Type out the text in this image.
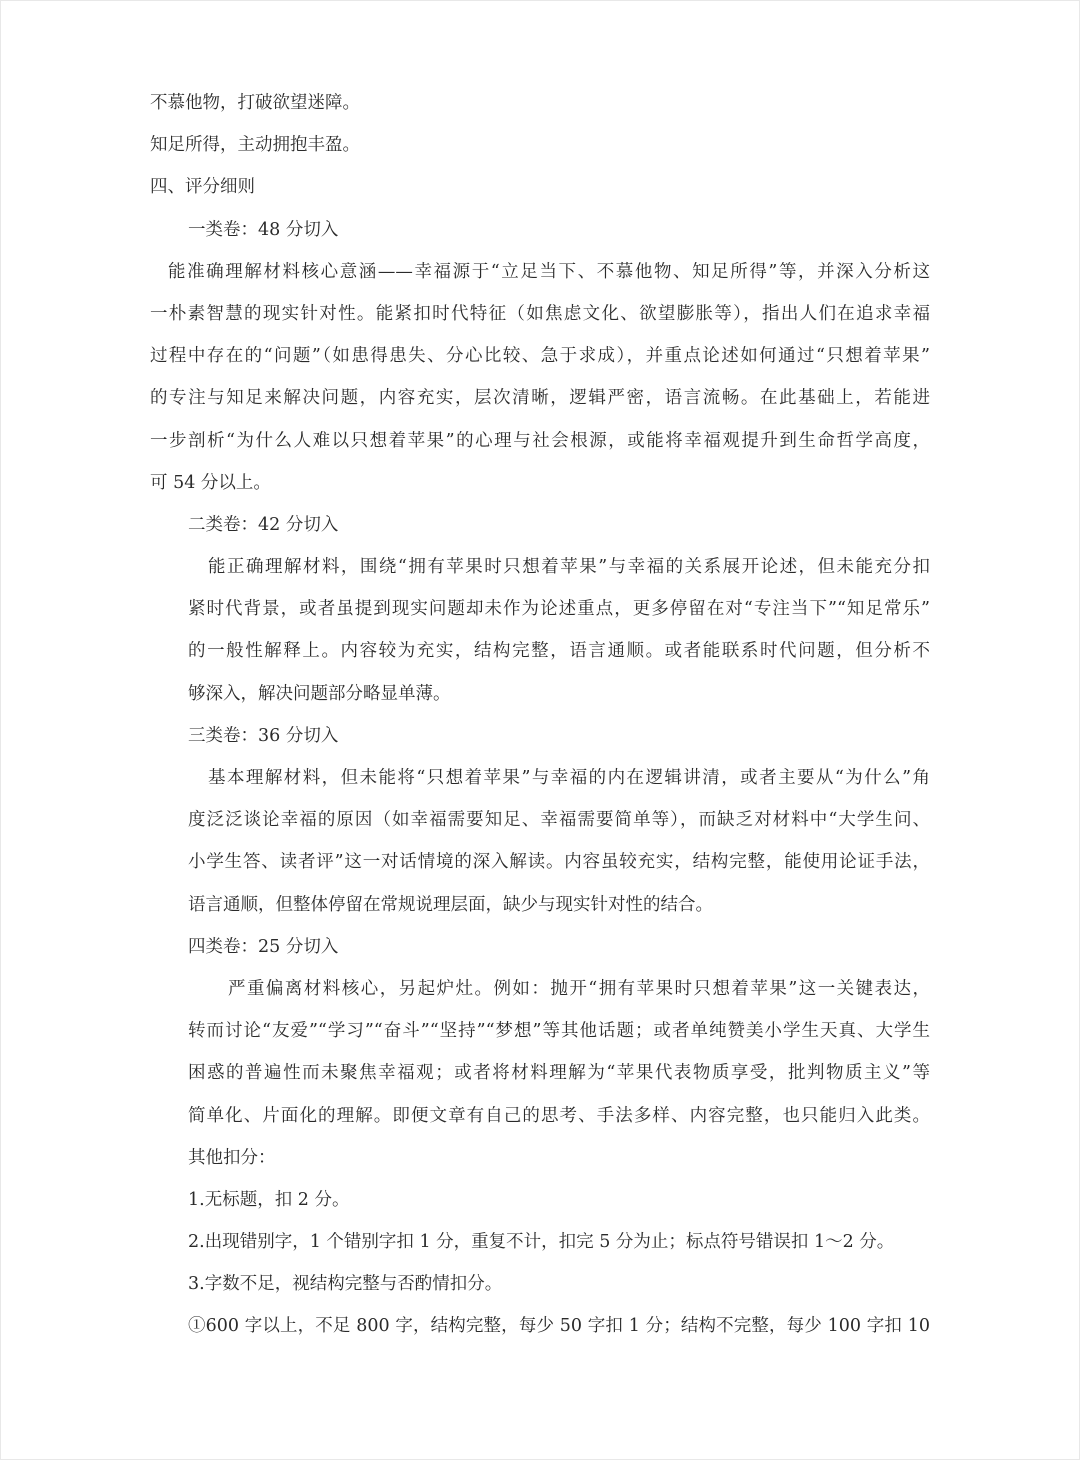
不慕他物，打破欲望迷障。
知足所得，主动拥抱丰盈。
四、评分细则
一类卷：48 分切入
能准确理解材料核心意涵——幸福源于“立足当下、不慕他物、知足所得”等，并深入分析这
一朴素智慧的现实针对性。能紧扣时代特征（如焦虑文化、欲望膨胀等），指出人们在追求幸福
过程中存在的“问题”（如患得患失、分心比较、急于求成），并重点论述如何通过“只想着苹果”
的专注与知足来解决问题，内容充实，层次清晰，逻辑严密，语言流畅。在此基础上，若能进
一步剖析“为什么人难以只想着苹果”的心理与社会根源，或能将幸福观提升到生命哲学高度，
可 54 分以上。
二类卷：42 分切入
能正确理解材料，围绕“拥有苹果时只想着苹果”与幸福的关系展开论述，但未能充分扣
紧时代背景，或者虽提到现实问题却未作为论述重点，更多停留在对“专注当下”“知足常乐”
的一般性解释上。内容较为充实，结构完整，语言通顺。或者能联系时代问题，但分析不
够深入，解决问题部分略显单薄。
三类卷：36 分切入
基本理解材料，但未能将“只想着苹果”与幸福的内在逻辑讲清，或者主要从“为什么”角
度泛泛谈论幸福的原因（如幸福需要知足、幸福需要简单等），而缺乏对材料中“大学生问、
小学生答、读者评”这一对话情境的深入解读。内容虽较充实，结构完整，能使用论证手法，
语言通顺，但整体停留在常规说理层面，缺少与现实针对性的结合。
四类卷：25 分切入
严重偏离材料核心，另起炉灶。例如：抛开“拥有苹果时只想着苹果”这一关键表达，
转而讨论“友爱”“学习”“奋斗”“坚持”“梦想”等其他话题；或者单纯赞美小学生天真、大学生
困惑的普遍性而未聚焦幸福观；或者将材料理解为“苹果代表物质享受，批判物质主义”等
简单化、片面化的理解。即便文章有自己的思考、手法多样、内容完整，也只能归入此类。
其他扣分：
1.无标题，扣 2 分。
2.出现错别字，1 个错别字扣 1 分，重复不计，扣完 5 分为止；标点符号错误扣 1～2 分。
3.字数不足，视结构完整与否酌情扣分。
①600 字以上，不足 800 字，结构完整，每少 50 字扣 1 分；结构不完整，每少 100 字扣 10
